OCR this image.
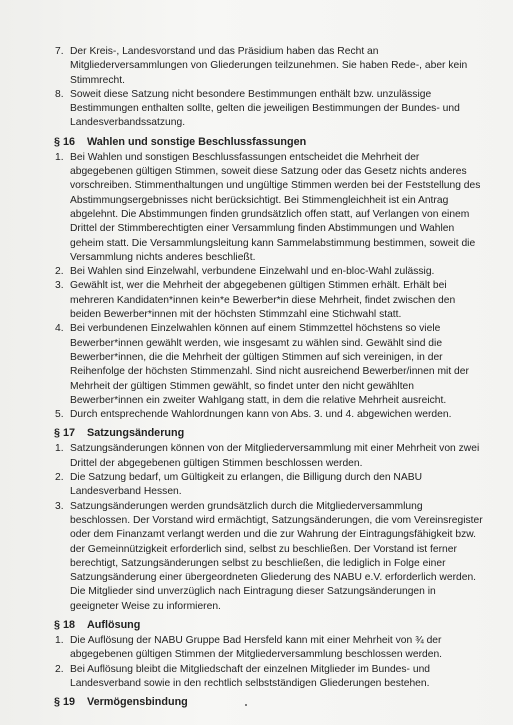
7. Der Kreis-, Landesvorstand und das Präsidium haben das Recht an Mitgliederversammlungen von Gliederungen teilzunehmen. Sie haben Rede-, aber kein Stimmrecht.
8. Soweit diese Satzung nicht besondere Bestimmungen enthält bzw. unzulässige Bestimmungen enthalten sollte, gelten die jeweiligen Bestimmungen der Bundes- und Landesverbandssatzung.
§ 16 Wahlen und sonstige Beschlussfassungen
1. Bei Wahlen und sonstigen Beschlussfassungen entscheidet die Mehrheit der abgegebenen gültigen Stimmen, soweit diese Satzung oder das Gesetz nichts anderes vorschreiben. Stimmenthaltungen und ungültige Stimmen werden bei der Feststellung des Abstimmungsergebnisses nicht berücksichtigt. Bei Stimmengleichheit ist ein Antrag abgelehnt. Die Abstimmungen finden grundsätzlich offen statt, auf Verlangen von einem Drittel der Stimmberechtigten einer Versammlung finden Abstimmungen und Wahlen geheim statt. Die Versammlungsleitung kann Sammelabstimmung bestimmen, soweit die Versammlung nichts anderes beschließt.
2. Bei Wahlen sind Einzelwahl, verbundene Einzelwahl und en-bloc-Wahl zulässig.
3. Gewählt ist, wer die Mehrheit der abgegebenen gültigen Stimmen erhält. Erhält bei mehreren Kandidaten*innen kein*e Bewerber*in diese Mehrheit, findet zwischen den beiden Bewerber*innen mit der höchsten Stimmzahl eine Stichwahl statt.
4. Bei verbundenen Einzelwahlen können auf einem Stimmzettel höchstens so viele Bewerber*innen gewählt werden, wie insgesamt zu wählen sind. Gewählt sind die Bewerber*innen, die die Mehrheit der gültigen Stimmen auf sich vereinigen, in der Reihenfolge der höchsten Stimmenzahl. Sind nicht ausreichend Bewerber/innen mit der Mehrheit der gültigen Stimmen gewählt, so findet unter den nicht gewählten Bewerber*innen ein zweiter Wahlgang statt, in dem die relative Mehrheit ausreicht.
5. Durch entsprechende Wahlordnungen kann von Abs. 3. und 4. abgewichen werden.
§ 17 Satzungsänderung
1. Satzungsänderungen können von der Mitgliederversammlung mit einer Mehrheit von zwei Drittel der abgegebenen gültigen Stimmen beschlossen werden.
2. Die Satzung bedarf, um Gültigkeit zu erlangen, die Billigung durch den NABU Landesverband Hessen.
3. Satzungsänderungen werden grundsätzlich durch die Mitgliederversammlung beschlossen. Der Vorstand wird ermächtigt, Satzungsänderungen, die vom Vereinsregister oder dem Finanzamt verlangt werden und die zur Wahrung der Eintragungsfähigkeit bzw. der Gemeinnützigkeit erforderlich sind, selbst zu beschließen. Der Vorstand ist ferner berechtigt, Satzungsänderungen selbst zu beschließen, die lediglich in Folge einer Satzungsänderung einer übergeordneten Gliederung des NABU e.V. erforderlich werden. Die Mitglieder sind unverzüglich nach Eintragung dieser Satzungsänderungen in geeigneter Weise zu informieren.
§ 18 Auflösung
1. Die Auflösung der NABU Gruppe Bad Hersfeld kann mit einer Mehrheit von ¾ der abgegebenen gültigen Stimmen der Mitgliederversammlung beschlossen werden.
2. Bei Auflösung bleibt die Mitgliedschaft der einzelnen Mitglieder im Bundes- und Landesverband sowie in den rechtlich selbstständigen Gliederungen bestehen.
§ 19 Vermögensbindung
